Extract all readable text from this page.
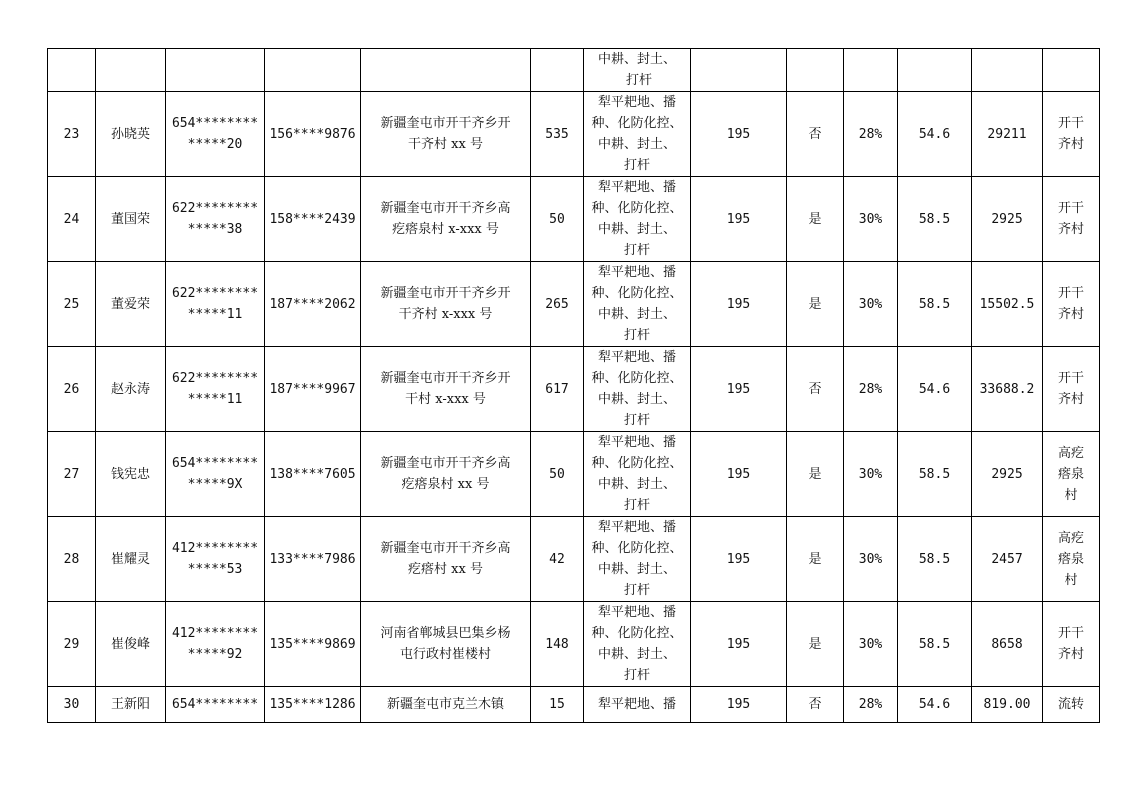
						中耕、封土、
打杆						

23	孙晓英	654********
*****20	156****9876	新疆奎屯市开干齐乡开
干齐村 xx 号	535	犁平耙地、播
种、化防化控、
中耕、封土、
打杆	195	否	28%	54.6	29211	开干
齐村

24	董国荣	622********
*****38	158****2439	新疆奎屯市开干齐乡高
疙瘩泉村 x-xxx 号	50	犁平耙地、播
种、化防化控、
中耕、封土、
打杆	195	是	30%	58.5	2925	开干
齐村

25	董爱荣	622********
*****11	187****2062	新疆奎屯市开干齐乡开
干齐村 x-xxx 号	265	犁平耙地、播
种、化防化控、
中耕、封土、
打杆	195	是	30%	58.5	15502.5	开干
齐村

26	赵永涛	622********
*****11	187****9967	新疆奎屯市开干齐乡开
干村 x-xxx 号	617	犁平耙地、播
种、化防化控、
中耕、封土、
打杆	195	否	28%	54.6	33688.2	开干
齐村

27	钱宪忠	654********
*****9X	138****7605	新疆奎屯市开干齐乡高
疙瘩泉村 xx 号	50	犁平耙地、播
种、化防化控、
中耕、封土、
打杆	195	是	30%	58.5	2925	高疙
瘩泉
村

28	崔耀灵	412********
*****53	133****7986	新疆奎屯市开干齐乡高
疙瘩村 xx 号	42	犁平耙地、播
种、化防化控、
中耕、封土、
打杆	195	是	30%	58.5	2457	高疙
瘩泉
村

29	崔俊峰	412********
*****92	135****9869	河南省郸城县巴集乡杨
屯行政村崔楼村	148	犁平耙地、播
种、化防化控、
中耕、封土、
打杆	195	是	30%	58.5	8658	开干
齐村

30	王新阳	654********	135****1286	新疆奎屯市克兰木镇	15	犁平耙地、播	195	否	28%	54.6	819.00	流转
